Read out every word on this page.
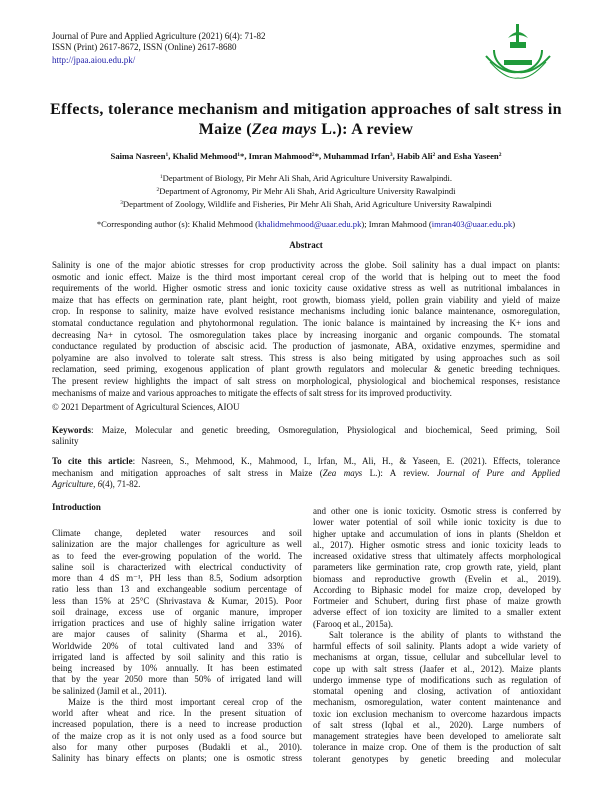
Journal of Pure and Applied Agriculture (2021) 6(4): 71-82
ISSN (Print) 2617-8672, ISSN (Online) 2617-8680
http://jpaa.aiou.edu.pk/
Effects, tolerance mechanism and mitigation approaches of salt stress in
Maize (Zea mays L.): A review
Saima Nasreen$^1$, Khalid Mehmood$^1$*, Imran Mahmood$^2$*, Muhammad Irfan$^3$, Habib Ali$^2$ and Esha Yaseen$^2$
$^1$Department of Biology, Pir Mehr Ali Shah, Arid Agriculture University Rawalpindi.
$^2$Department of Agronomy, Pir Mehr Ali Shah, Arid Agriculture University Rawalpindi
$^3$Department of Zoology, Wildlife and Fisheries, Pir Mehr Ali Shah, Arid Agriculture University Rawalpindi
*Corresponding author (s): Khalid Mehmood (khalidmehmood@uaar.edu.pk); Imran Mahmood (imran403@uaar.edu.pk)
Abstract
Salinity is one of the major abiotic stresses for crop productivity across the globe. Soil salinity has a dual impact on plants:
osmotic and ionic effect. Maize is the third most important cereal crop of the world that is helping out to meet the food
requirements of the world. Higher osmotic stress and ionic toxicity cause oxidative stress as well as nutritional imbalances in
maize that has effects on germination rate, plant height, root growth, biomass yield, pollen grain viability and yield of maize
crop. In response to salinity, maize have evolved resistance mechanisms including ionic balance maintenance, osmoregulation,
stomatal conductance regulation and phytohormonal regulation. The ionic balance is maintained by increasing the K+ ions and
decreasing Na+ in cytosol. The osmoregulation takes place by increasing inorganic and organic compounds. The stomatal
conductance regulated by production of abscisic acid. The production of jasmonate, ABA, oxidative enzymes, spermidine and
polyamine are also involved to tolerate salt stress. This stress is also being mitigated by using approaches such as soil
reclamation, seed priming, exogenous application of plant growth regulators and molecular & genetic breeding techniques.
The present review highlights the impact of salt stress on morphological, physiological and biochemical responses, resistance
mechanisms of maize and various approaches to mitigate the effects of salt stress for its improved productivity.
© 2021 Department of Agricultural Sciences, AIOU
Keywords: Maize, Molecular and genetic breeding, Osmoregulation, Physiological and biochemical, Seed priming, Soil
salinity
To cite this article: Nasreen, S., Mehmood, K., Mahmood, I., Irfan, M., Ali, H., & Yaseen, E. (2021). Effects, tolerance
mechanism and mitigation approaches of salt stress in Maize (Zea mays L.): A review. Journal of Pure and Applied
Agriculture, 6(4), 71-82.
Introduction
Climate change, depleted water resources and soil
salinization are the major challenges for agriculture as well
as to feed the ever-growing population of the world. The
saline soil is characterized with electrical conductivity of
more than 4 dS m⁻¹, PH less than 8.5, Sodium adsorption
ratio less than 13 and exchangeable sodium percentage of
less than 15% at 25°C (Shrivastava & Kumar, 2015). Poor
soil drainage, excess use of organic manure, improper
irrigation practices and use of highly saline irrigation water
are major causes of salinity (Sharma et al., 2016).
Worldwide 20% of total cultivated land and 33% of
irrigated land is affected by soil salinity and this ratio is
being increased by 10% annually. It has been estimated
that by the year 2050 more than 50% of irrigated land will
be salinized (Jamil et al., 2011).
Maize is the third most important cereal crop of the
world after wheat and rice. In the present situation of
increased population, there is a need to increase production
of the maize crop as it is not only used as a food source but
also for many other purposes (Budakli et al., 2010).
Salinity has binary effects on plants; one is osmotic stress
and other one is ionic toxicity. Osmotic stress is conferred by
lower water potential of soil while ionic toxicity is due to
higher uptake and accumulation of ions in plants (Sheldon et
al., 2017). Higher osmotic stress and ionic toxicity leads to
increased oxidative stress that ultimately affects morphological
parameters like germination rate, crop growth rate, yield, plant
biomass and reproductive growth (Evelin et al., 2019).
According to Biphasic model for maize crop, developed by
Fortmeier and Schubert, during first phase of maize growth
adverse effect of ion toxicity are limited to a smaller extent
(Farooq et al., 2015a).
Salt tolerance is the ability of plants to withstand the
harmful effects of soil salinity. Plants adopt a wide variety of
mechanisms at organ, tissue, cellular and subcellular level to
cope up with salt stress (Jaafer et al., 2012). Maize plants
undergo immense type of modifications such as regulation of
stomatal opening and closing, activation of antioxidant
mechanism, osmoregulation, water content maintenance and
toxic ion exclusion mechanism to overcome hazardous impacts
of salt stress (Iqbal et al., 2020). Large numbers of
management strategies have been developed to ameliorate salt
tolerance in maize crop. One of them is the production of salt
tolerant genotypes by genetic breeding and molecular
